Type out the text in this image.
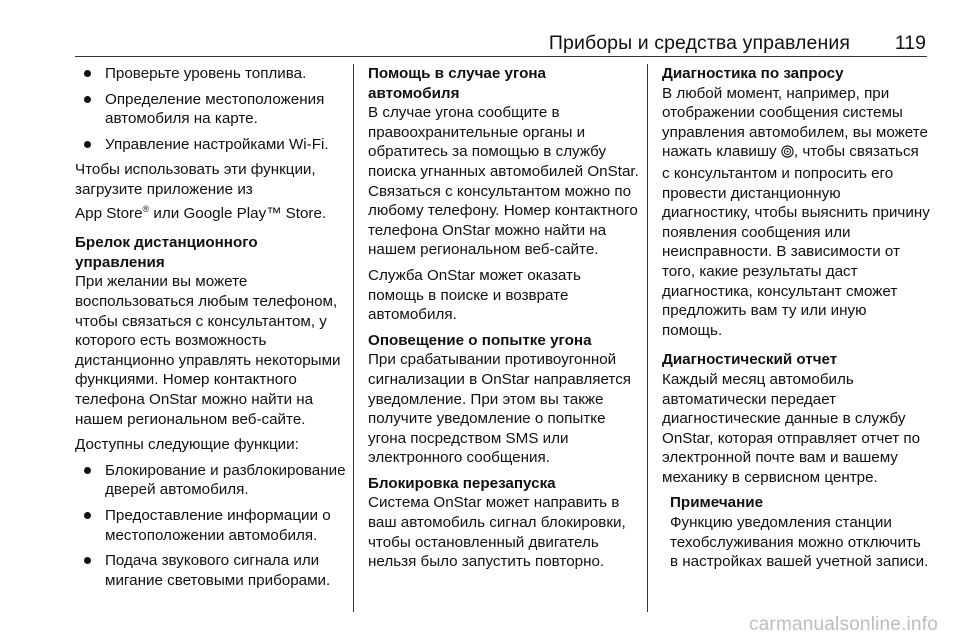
Приборы и средства управления	119
Проверьте уровень топлива.
Определение местоположения автомобиля на карте.
Управление настройками Wi-Fi.

Чтобы использовать эти функции, загрузите приложение из
App Store® или Google Play™ Store.

Брелок дистанционного управления

При желании вы можете воспользоваться любым телефоном, чтобы связаться с консультантом, у которого есть возможность дистанционно управлять некоторыми функциями. Номер контактного телефона OnStar можно найти на нашем региональном веб-сайте.

Доступны следующие функции:

Блокирование и разблокирование дверей автомобиля.
Предоставление информации о местоположении автомобиля.
Подача звукового сигнала или мигание световыми приборами.

Помощь в случае угона автомобиля

В случае угона сообщите в правоохранительные органы и обратитесь за помощью в службу поиска угнанных автомобилей OnStar. Связаться с консультантом можно по любому телефону. Номер контактного телефона OnStar можно найти на нашем региональном веб-сайте.

Служба OnStar может оказать помощь в поиске и возврате автомобиля.

Оповещение о попытке угона

При срабатывании противоугонной сигнализации в OnStar направляется уведомление. При этом вы также получите уведомление о попытке угона посредством SMS или электронного сообщения.

Блокировка перезапуска

Система OnStar может направить в ваш автомобиль сигнал блокировки, чтобы остановленный двигатель нельзя было запустить повторно.

Диагностика по запросу

В любой момент, например, при отображении сообщения системы управления автомобилем, вы можете нажать клавишу , чтобы связаться с консультантом и попросить его провести дистанционную диагностику, чтобы выяснить причину появления сообщения или неисправности. В зависимости от того, какие результаты даст диагностика, консультант сможет предложить вам ту или иную помощь.

Диагностический отчет

Каждый месяц автомобиль автоматически передает диагностические данные в службу OnStar, которая отправляет отчет по электронной почте вам и вашему механику в сервисном центре.

Примечание

Функцию уведомления станции техобслуживания можно отключить в настройках вашей учетной записи.

carmanualsonline.info
